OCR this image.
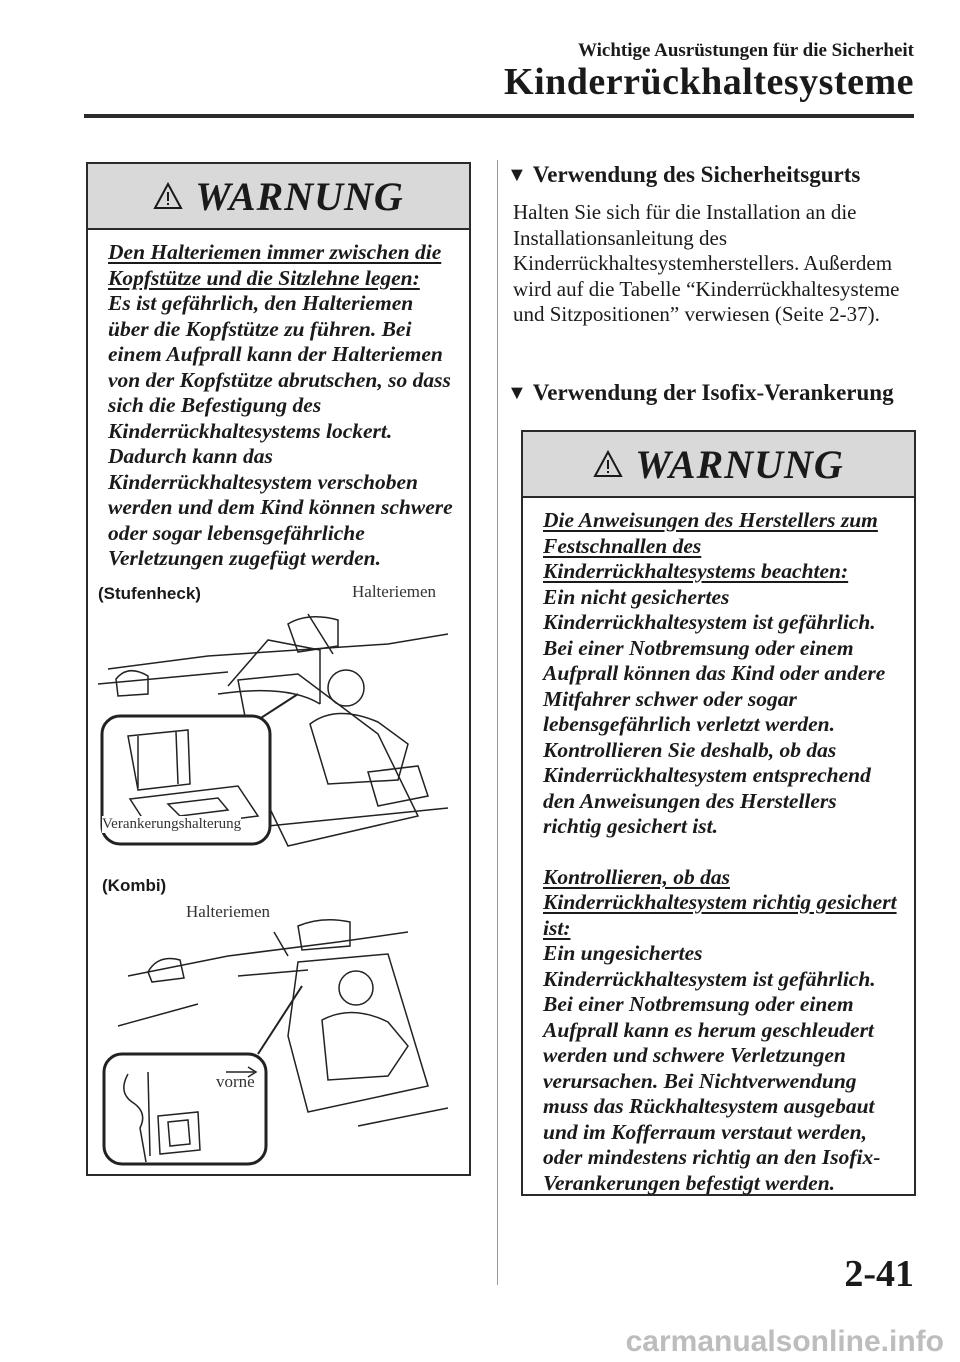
Wichtige Ausrüstungen für die Sicherheit
Kinderrückhaltesysteme
WARNUNG

Den Halteriemen immer zwischen die Kopfstütze und die Sitzlehne legen:

Es ist gefährlich, den Halteriemen über die Kopfstütze zu führen. Bei einem Aufprall kann der Halteriemen von der Kopfstütze abrutschen, so dass sich die Befestigung des Kinderrückhaltesystems lockert. Dadurch kann das Kinderrückhaltesystem verschoben werden und dem Kind können schwere oder sogar lebensgefährliche Verletzungen zugefügt werden.

(Stufenheck)	Halteriemen
Verankerungshalterung
(Kombi)
Halteriemen
vorne
▼ Verwendung des Sicherheitsgurts
Halten Sie sich für die Installation an die Installationsanleitung des Kinderrückhaltesystemherstellers. Außerdem wird auf die Tabelle “Kinderrückhaltesysteme und Sitzpositionen” verwiesen (Seite 2-37).
▼ Verwendung der Isofix-Verankerung
WARNUNG

Die Anweisungen des Herstellers zum Festschnallen des Kinderrückhaltesystems beachten:

Ein nicht gesichertes Kinderrückhaltesystem ist gefährlich. Bei einer Notbremsung oder einem Aufprall können das Kind oder andere Mitfahrer schwer oder sogar lebensgefährlich verletzt werden. Kontrollieren Sie deshalb, ob das Kinderrückhaltesystem entsprechend den Anweisungen des Herstellers richtig gesichert ist.

Kontrollieren, ob das Kinderrückhaltesystem richtig gesichert ist:

Ein ungesichertes Kinderrückhaltesystem ist gefährlich. Bei einer Notbremsung oder einem Aufprall kann es herum geschleudert werden und schwere Verletzungen verursachen. Bei Nichtverwendung muss das Rückhaltesystem ausgebaut und im Kofferraum verstaut werden, oder mindestens richtig an den Isofix-Verankerungen befestigt werden.

2-41
carmanualsonline.info
